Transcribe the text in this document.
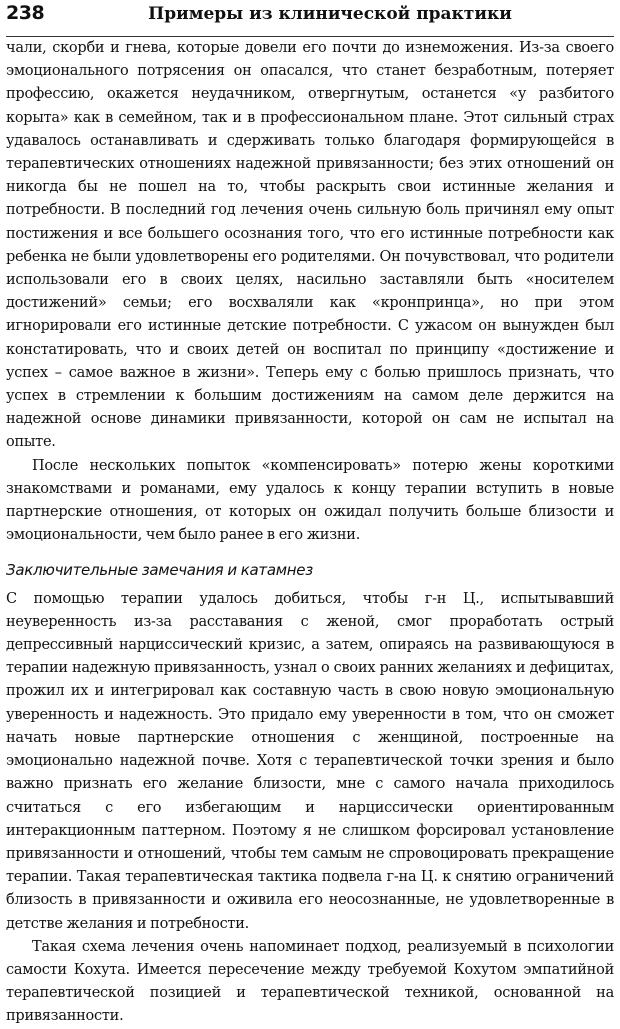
238	Примеры из клинической практики

чали, скорби и гнева, которые довели его почти до изнеможения. Из-за своего эмоционального потрясения он опасался, что станет безработным, потеряет профессию, окажется неудачником, отвергнутым, останется «у разбитого корыта» как в семейном, так и в профессиональном плане. Этот сильный страх удавалось останавливать и сдерживать только благодаря формирующейся в терапевтических отношениях надежной привязанности; без этих отношений он никогда бы не пошел на то, чтобы раскрыть свои истинные желания и потребности. В последний год лечения очень сильную боль причинял ему опыт постижения и все большего осознания того, что его истинные потребности как ребенка не были удовлетворены его родителями. Он почувствовал, что родители использовали его в своих целях, насильно заставляли быть «носителем достижений» семьи; его восхваляли как «кронпринца», но при этом игнорировали его истинные детские потребности. С ужасом он вынужден был констатировать, что и своих детей он воспитал по принципу «достижение и успех – самое важное в жизни». Теперь ему с болью пришлось признать, что успех в стремлении к большим достижениям на самом деле держится на надежной основе динамики привязанности, которой он сам не испытал на опыте.

После нескольких попыток «компенсировать» потерю жены короткими знакомствами и романами, ему удалось к концу терапии вступить в новые партнерские отношения, от которых он ожидал получить больше близости и эмоциональности, чем было ранее в его жизни.

Заключительные замечания и катамнез

С помощью терапии удалось добиться, чтобы г-н Ц., испытывавший неуверенность из-за расставания с женой, смог проработать острый депрессивный нарциссический кризис, а затем, опираясь на развивающуюся в терапии надежную привязанность, узнал о своих ранних желаниях и дефицитах, прожил их и интегрировал как составную часть в свою новую эмоциональную уверенность и надежность. Это придало ему уверенности в том, что он сможет начать новые партнерские отношения с женщиной, построенные на эмоционально надежной почве. Хотя с терапевтической точки зрения и было важно признать его желание близости, мне с самого начала приходилось считаться с его избегающим и нарциссически ориентированным интеракционным паттерном. Поэтому я не слишком форсировал установление привязанности и отношений, чтобы тем самым не спровоцировать прекращение терапии. Такая терапевтическая тактика подвела г-на Ц. к снятию ограничений близость в привязанности и оживила его неосознанные, не удовлетворенные в детстве желания и потребности.

Такая схема лечения очень напоминает подход, реализуемый в психологии самости Кохута. Имеется пересечение между требуемой Кохутом эмпатийной терапевтической позицией и терапевтической техникой, основанной на привязанности.
